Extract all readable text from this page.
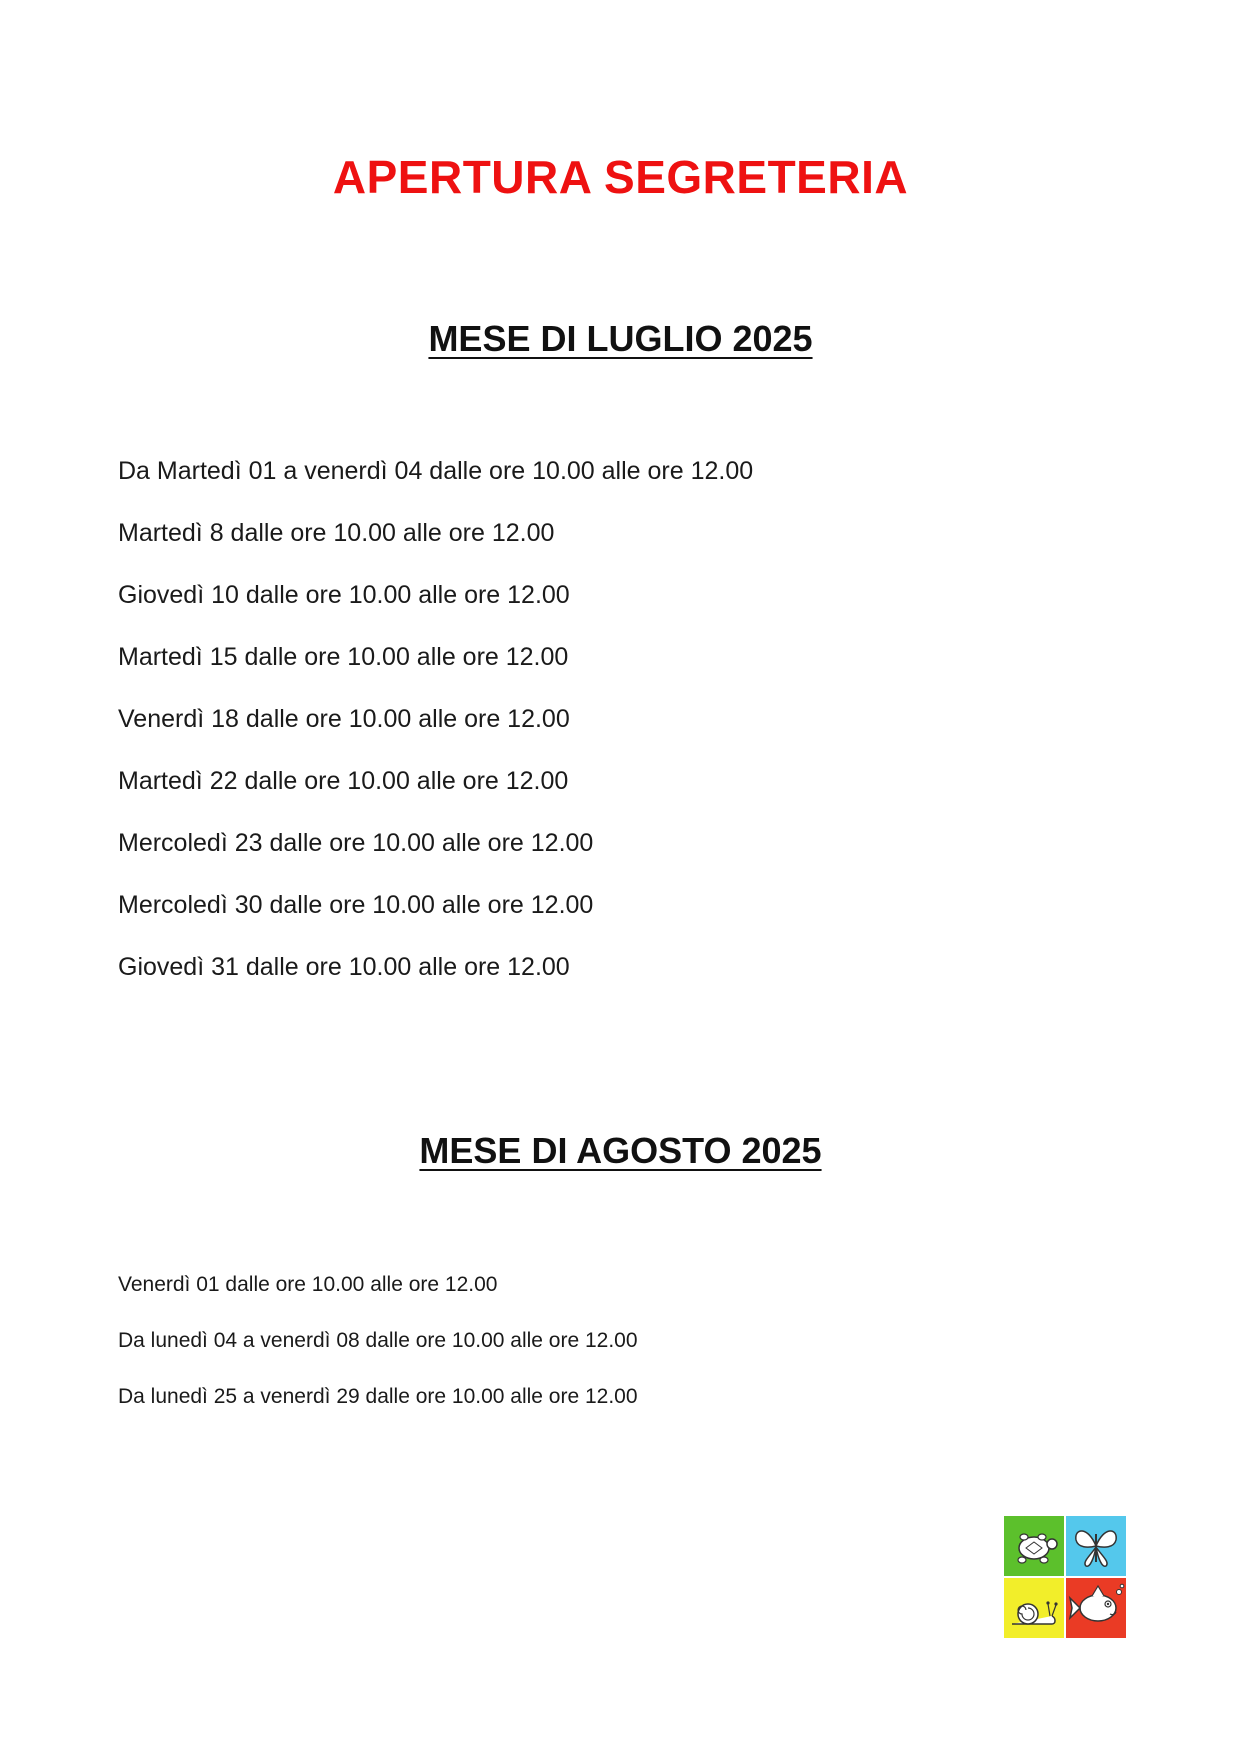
APERTURA SEGRETERIA
MESE DI LUGLIO 2025
Da Martedì 01 a venerdì 04 dalle ore 10.00 alle ore 12.00
Martedì 8 dalle ore 10.00 alle ore 12.00
Giovedì 10 dalle ore 10.00 alle ore 12.00
Martedì 15 dalle ore 10.00 alle ore 12.00
Venerdì 18 dalle ore 10.00 alle ore 12.00
Martedì 22 dalle ore 10.00 alle ore 12.00
Mercoledì 23 dalle ore 10.00 alle ore 12.00
Mercoledì 30 dalle ore 10.00 alle ore 12.00
Giovedì 31 dalle ore 10.00 alle ore 12.00
MESE DI AGOSTO 2025
Venerdì 01 dalle ore 10.00 alle ore 12.00
Da lunedì 04 a venerdì 08 dalle ore 10.00 alle ore 12.00
Da lunedì 25 a venerdì 29 dalle ore 10.00 alle ore 12.00
